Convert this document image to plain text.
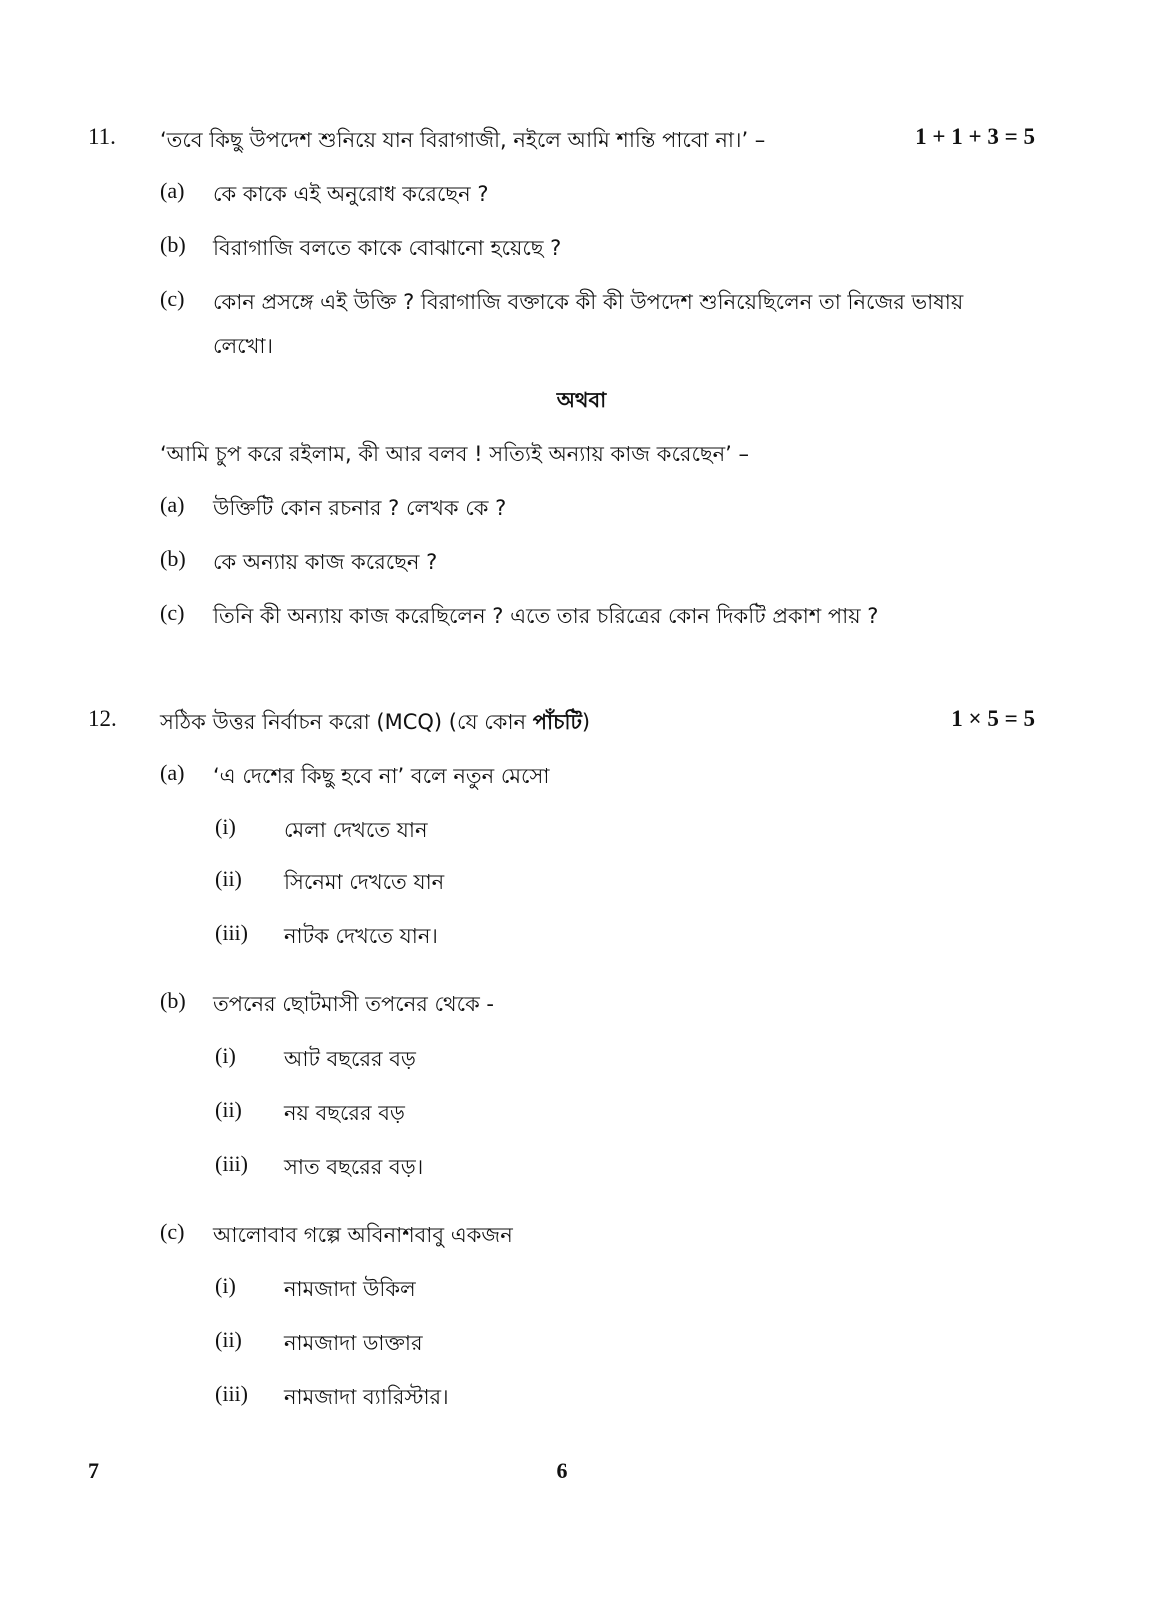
11. ‘তবে কিছু উপদেশ শুনিয়ে যান বিরাগাজী, নইলে আমি শান্তি পাবো না।’ –	1 + 1 + 3 = 5
(a) কে কাকে এই অনুরোধ করেছেন ?
(b) বিরাগাজি বলতে কাকে বোঝানো হয়েছে ?
(c) কোন প্রসঙ্গে এই উক্তি ? বিরাগাজি বক্তাকে কী কী উপদেশ শুনিয়েছিলেন তা নিজের ভাষায়
লেখো।
অথবা
‘আমি চুপ করে রইলাম, কী আর বলব ! সত্যিই অন্যায় কাজ করেছেন’ –
(a) উক্তিটি কোন রচনার ? লেখক কে ?
(b) কে অন্যায় কাজ করেছেন ?
(c) তিনি কী অন্যায় কাজ করেছিলেন ? এতে তার চরিত্রের কোন দিকটি প্রকাশ পায় ?
12. সঠিক উত্তর নির্বাচন করো (MCQ) (যে কোন পাঁচটি)	1 × 5 = 5
(a) ‘এ দেশের কিছু হবে না’ বলে নতুন মেসো
(i) মেলা দেখতে যান
(ii) সিনেমা দেখতে যান
(iii) নাটক দেখতে যান।
(b) তপনের ছোটমাসী তপনের থেকে -
(i) আট বছরের বড়
(ii) নয় বছরের বড়
(iii) সাত বছরের বড়।
(c) আলোবাব গল্পে অবিনাশবাবু একজন
(i) নামজাদা উকিল
(ii) নামজাদা ডাক্তার
(iii) নামজাদা ব্যারিস্টার।
7	6
